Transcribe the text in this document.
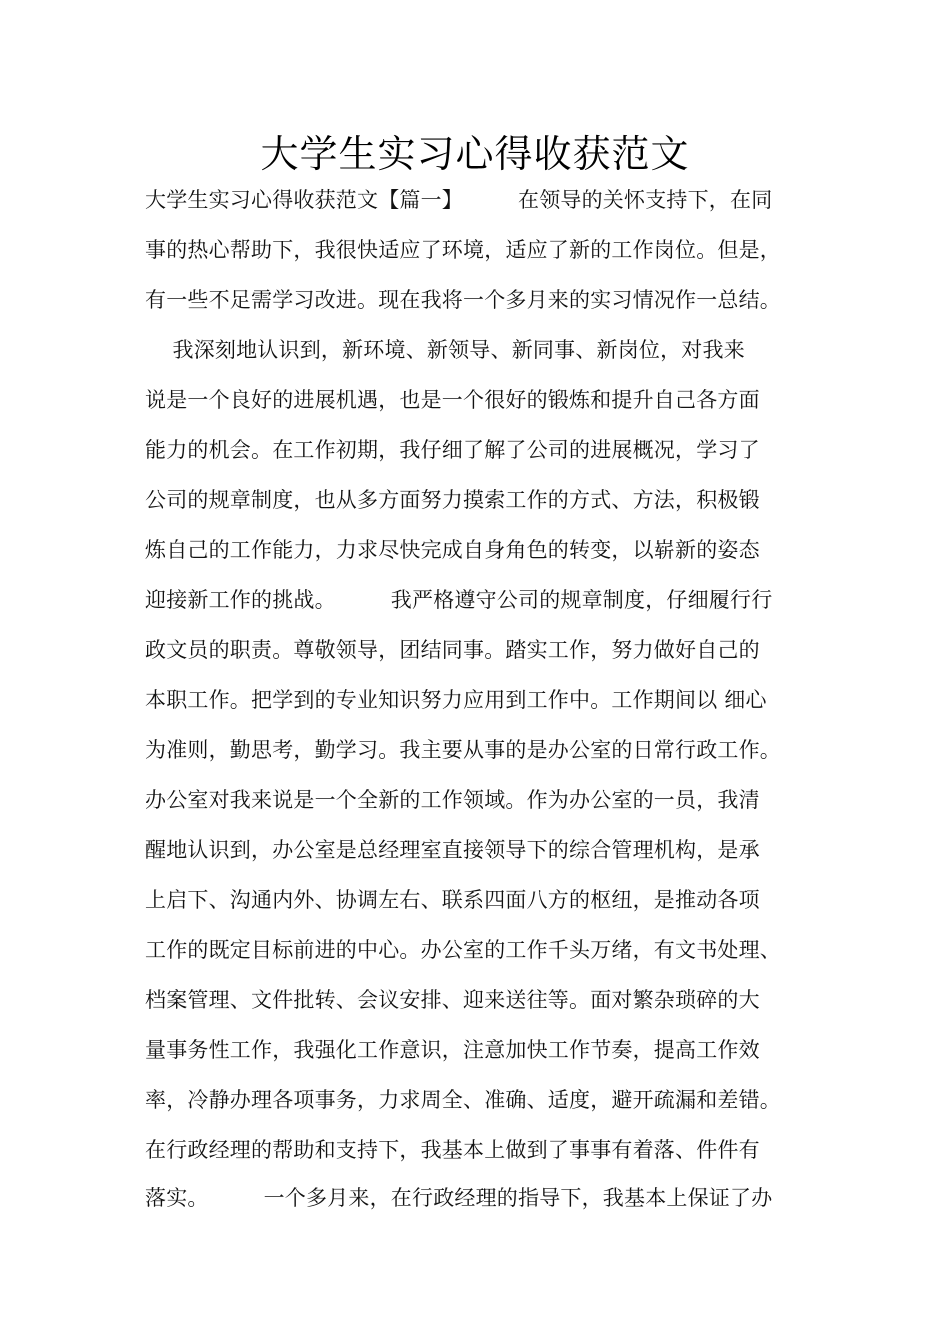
大学生实习心得收获范文
大学生实习心得收获范文【篇一】        在领导的关怀支持下，在同
事的热心帮助下，我很快适应了环境，适应了新的工作岗位。但是，
有一些不足需学习改进。现在我将一个多月来的实习情况作一总结。
我深刻地认识到，新环境、新领导、新同事、新岗位，对我来
说是一个良好的进展机遇，也是一个很好的锻炼和提升自己各方面
能力的机会。在工作初期，我仔细了解了公司的进展概况，学习了
公司的规章制度，也从多方面努力摸索工作的方式、方法，积极锻
炼自己的工作能力，力求尽快完成自身角色的转变，以崭新的姿态
迎接新工作的挑战。        我严格遵守公司的规章制度，仔细履行行
政文员的职责。尊敬领导，团结同事。踏实工作，努力做好自己的
本职工作。把学到的专业知识努力应用到工作中。工作期间以 细心
为准则，勤思考，勤学习。我主要从事的是办公室的日常行政工作。
办公室对我来说是一个全新的工作领域。作为办公室的一员，我清
醒地认识到，办公室是总经理室直接领导下的综合管理机构，是承
上启下、沟通内外、协调左右、联系四面八方的枢纽，是推动各项
工作的既定目标前进的中心。办公室的工作千头万绪，有文书处理、
档案管理、文件批转、会议安排、迎来送往等。面对繁杂琐碎的大
量事务性工作，我强化工作意识，注意加快工作节奏，提高工作效
率，冷静办理各项事务，力求周全、准确、适度，避开疏漏和差错。
在行政经理的帮助和支持下，我基本上做到了事事有着落、件件有
落实。        一个多月来，在行政经理的指导下，我基本上保证了办
